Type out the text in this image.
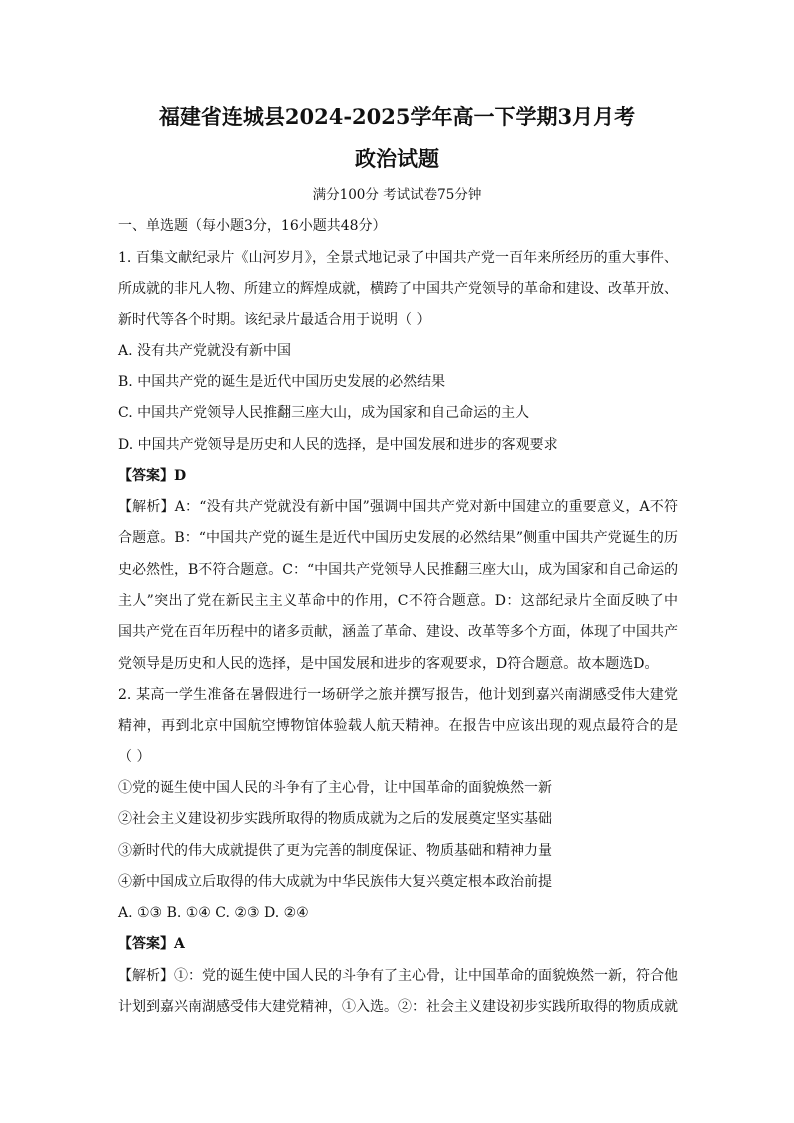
福建省连城县2024-2025学年高一下学期3月月考
政治试题
满分100分 考试试卷75分钟
一、单选题（每小题3分，16小题共48分）
1. 百集文献纪录片《山河岁月》，全景式地记录了中国共产党一百年来所经历的重大事件、
所成就的非凡人物、所建立的辉煌成就，横跨了中国共产党领导的革命和建设、改革开放、
新时代等各个时期。该纪录片最适合用于说明（ ）
A. 没有共产党就没有新中国
B. 中国共产党的诞生是近代中国历史发展的必然结果
C. 中国共产党领导人民推翻三座大山，成为国家和自己命运的主人
D. 中国共产党领导是历史和人民的选择，是中国发展和进步的客观要求
【答案】D
【解析】A：“没有共产党就没有新中国”强调中国共产党对新中国建立的重要意义，A不符
合题意。B：“中国共产党的诞生是近代中国历史发展的必然结果”侧重中国共产党诞生的历
史必然性，B不符合题意。C：“中国共产党领导人民推翻三座大山，成为国家和自己命运的
主人”突出了党在新民主主义革命中的作用，C不符合题意。D：这部纪录片全面反映了中
国共产党在百年历程中的诸多贡献，涵盖了革命、建设、改革等多个方面，体现了中国共产
党领导是历史和人民的选择，是中国发展和进步的客观要求，D符合题意。故本题选D。
2. 某高一学生准备在暑假进行一场研学之旅并撰写报告，他计划到嘉兴南湖感受伟大建党
精神，再到北京中国航空博物馆体验载人航天精神。在报告中应该出现的观点最符合的是
（ ）
①党的诞生使中国人民的斗争有了主心骨，让中国革命的面貌焕然一新
②社会主义建设初步实践所取得的物质成就为之后的发展奠定坚实基础
③新时代的伟大成就提供了更为完善的制度保证、物质基础和精神力量
④新中国成立后取得的伟大成就为中华民族伟大复兴奠定根本政治前提
A. ①③ B. ①④ C. ②③ D. ②④
【答案】A
【解析】①：党的诞生使中国人民的斗争有了主心骨，让中国革命的面貌焕然一新，符合他
计划到嘉兴南湖感受伟大建党精神，①入选。②：社会主义建设初步实践所取得的物质成就
